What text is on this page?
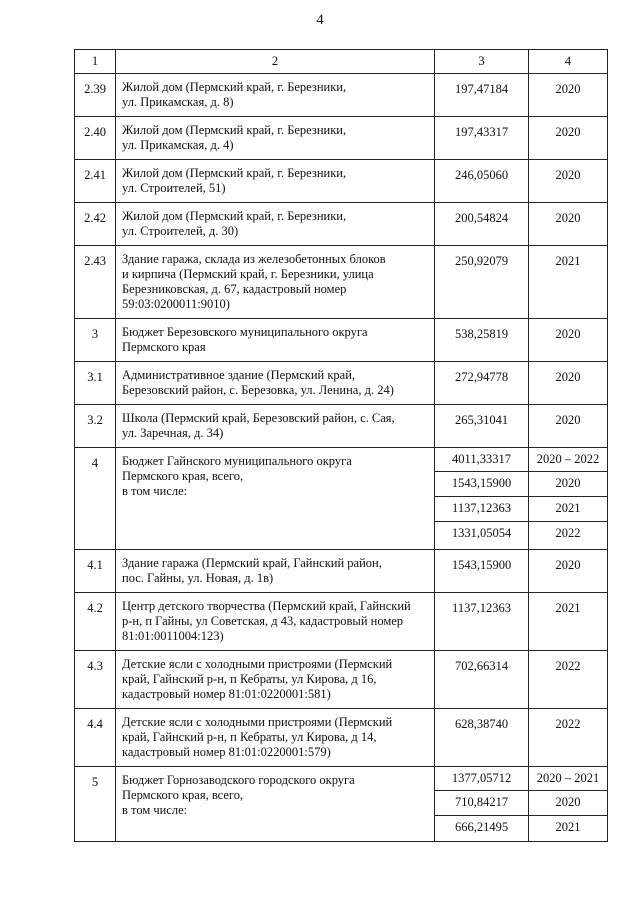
4
1	2	3	4
2.39	Жилой дом (Пермский край, г. Березники,
ул. Прикамская, д. 8)	197,47184	2020
2.40	Жилой дом (Пермский край, г. Березники,
ул. Прикамская, д. 4)	197,43317	2020
2.41	Жилой дом (Пермский край, г. Березники,
ул. Строителей, 51)	246,05060	2020
2.42	Жилой дом (Пермский край, г. Березники,
ул. Строителей, д. 30)	200,54824	2020
2.43	Здание гаража, склада из железобетонных блоков
и кирпича (Пермский край, г. Березники, улица
Березниковская, д. 67, кадастровый номер
59:03:0200011:9010)	250,92079	2021
3	Бюджет Березовского муниципального округа
Пермского края	538,25819	2020
3.1	Административное здание (Пермский край,
Березовский район, с. Березовка, ул. Ленина, д. 24)	272,94778	2020
3.2	Школа (Пермский край, Березовский район, с. Сая,
ул. Заречная, д. 34)	265,31041	2020
4	Бюджет Гайнского муниципального округа
Пермского края, всего,
в том числе:	4011,33317	2020 – 2022
		1543,15900	2020
		1137,12363	2021
		1331,05054	2022
4.1	Здание гаража (Пермский край, Гайнский район,
пос. Гайны, ул. Новая, д. 1в)	1543,15900	2020
4.2	Центр детского творчества (Пермский край, Гайнский
р-н, п Гайны, ул Советская, д 43, кадастровый номер
81:01:0011004:123)	1137,12363	2021
4.3	Детские ясли с холодными пристроями (Пермский
край, Гайнский р-н, п Кебраты, ул Кирова, д 16,
кадастровый номер 81:01:0220001:581)	702,66314	2022
4.4	Детские ясли с холодными пристроями (Пермский
край, Гайнский р-н, п Кебраты, ул Кирова, д 14,
кадастровый номер 81:01:0220001:579)	628,38740	2022
5	Бюджет Горнозаводского городского округа
Пермского края, всего,
в том числе:	1377,05712	2020 – 2021
		710,84217	2020
		666,21495	2021
